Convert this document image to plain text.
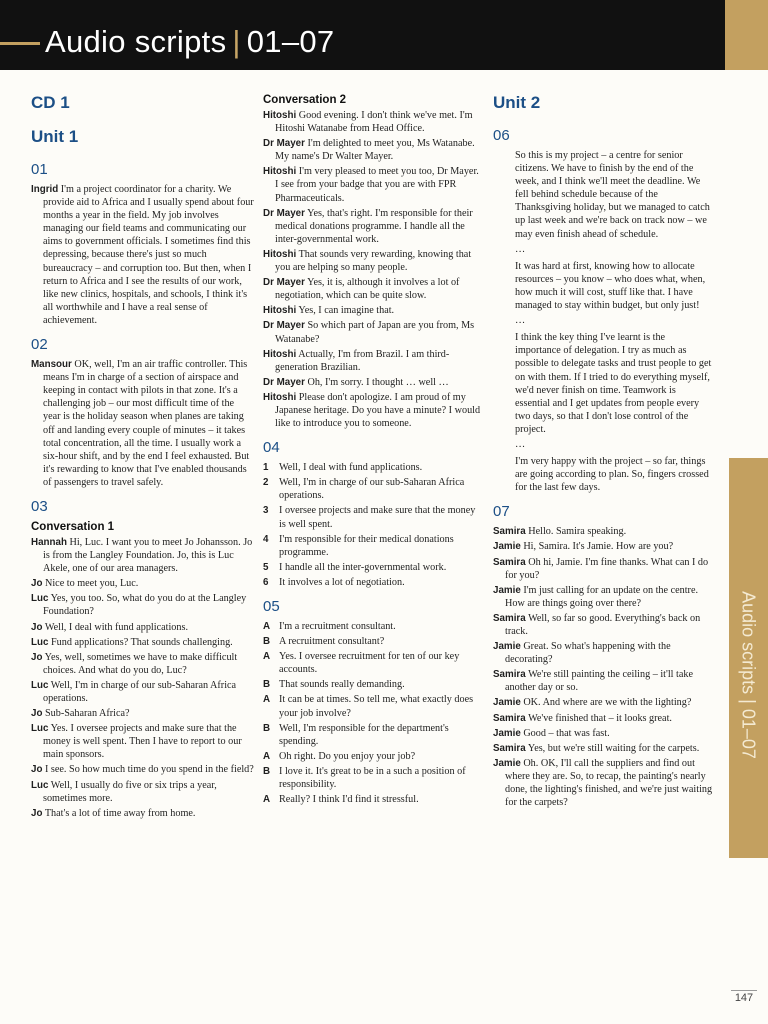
Audio scripts | 01–07
CD 1
Unit 1
01
Ingrid I'm a project coordinator for a charity. We provide aid to Africa and I usually spend about four months a year in the field. My job involves managing our field teams and communicating our aims to government officials. I sometimes find this depressing, because there's just so much bureaucracy – and corruption too. But then, when I return to Africa and I see the results of our work, like new clinics, hospitals, and schools, I think it's all worthwhile and I have a real sense of achievement.
02
Mansour OK, well, I'm an air traffic controller. This means I'm in charge of a section of airspace and keeping in contact with pilots in that zone. It's a challenging job – our most difficult time of the year is the holiday season when planes are taking off and landing every couple of minutes – it takes total concentration, all the time. I usually work a six-hour shift, and by the end I feel exhausted. But it's rewarding to know that I've enabled thousands of passengers to travel safely.
03
Conversation 1
Hannah Hi, Luc. I want you to meet Jo Johansson. Jo is from the Langley Foundation. Jo, this is Luc Akele, one of our area managers.
Jo Nice to meet you, Luc.
Luc Yes, you too. So, what do you do at the Langley Foundation?
Jo Well, I deal with fund applications.
Luc Fund applications? That sounds challenging.
Jo Yes, well, sometimes we have to make difficult choices. And what do you do, Luc?
Luc Well, I'm in charge of our sub-Saharan Africa operations.
Jo Sub-Saharan Africa?
Luc Yes. I oversee projects and make sure that the money is well spent. Then I have to report to our main sponsors.
Jo I see. So how much time do you spend in the field?
Luc Well, I usually do five or six trips a year, sometimes more.
Jo That's a lot of time away from home.
Conversation 2
Hitoshi Good evening. I don't think we've met. I'm Hitoshi Watanabe from Head Office.
Dr Mayer I'm delighted to meet you, Ms Watanabe. My name's Dr Walter Mayer.
Hitoshi I'm very pleased to meet you too, Dr Mayer. I see from your badge that you are with FPR Pharmaceuticals.
Dr Mayer Yes, that's right. I'm responsible for their medical donations programme. I handle all the inter-governmental work.
Hitoshi That sounds very rewarding, knowing that you are helping so many people.
Dr Mayer Yes, it is, although it involves a lot of negotiation, which can be quite slow.
Hitoshi Yes, I can imagine that.
Dr Mayer So which part of Japan are you from, Ms Watanabe?
Hitoshi Actually, I'm from Brazil. I am third-generation Brazilian.
Dr Mayer Oh, I'm sorry. I thought … well …
Hitoshi Please don't apologize. I am proud of my Japanese heritage. Do you have a minute? I would like to introduce you to someone.
04
1	Well, I deal with fund applications.
2	Well, I'm in charge of our sub-Saharan Africa operations.
3	I oversee projects and make sure that the money is well spent.
4	I'm responsible for their medical donations programme.
5	I handle all the inter-governmental work.
6	It involves a lot of negotiation.
05
A I'm a recruitment consultant.
B A recruitment consultant?
A Yes. I oversee recruitment for ten of our key accounts.
B That sounds really demanding.
A It can be at times. So tell me, what exactly does your job involve?
B Well, I'm responsible for the department's spending.
A Oh right. Do you enjoy your job?
B I love it. It's great to be in a such a position of responsibility.
A Really? I think I'd find it stressful.
Unit 2
06
So this is my project – a centre for senior citizens. We have to finish by the end of the week, and I think we'll meet the deadline. We fell behind schedule because of the Thanksgiving holiday, but we managed to catch up last week and we're back on track now – we may even finish ahead of schedule.
…
It was hard at first, knowing how to allocate resources – you know – who does what, when, how much it will cost, stuff like that. I have managed to stay within budget, but only just!
…
I think the key thing I've learnt is the importance of delegation. I try as much as possible to delegate tasks and trust people to get on with them. If I tried to do everything myself, we'd never finish on time. Teamwork is essential and I get updates from people every two days, so that I don't lose control of the project.
…
I'm very happy with the project – so far, things are going according to plan. So, fingers crossed for the last few days.
07
Samira Hello. Samira speaking.
Jamie Hi, Samira. It's Jamie. How are you?
Samira Oh hi, Jamie. I'm fine thanks. What can I do for you?
Jamie I'm just calling for an update on the centre. How are things going over there?
Samira Well, so far so good. Everything's back on track.
Jamie Great. So what's happening with the decorating?
Samira We're still painting the ceiling – it'll take another day or so.
Jamie OK. And where are we with the lighting?
Samira We've finished that – it looks great.
Jamie Good – that was fast.
Samira Yes, but we're still waiting for the carpets.
Jamie Oh. OK, I'll call the suppliers and find out where they are. So, to recap, the painting's nearly done, the lighting's finished, and we're just waiting for the carpets?
Audio scripts | 01–07
147
